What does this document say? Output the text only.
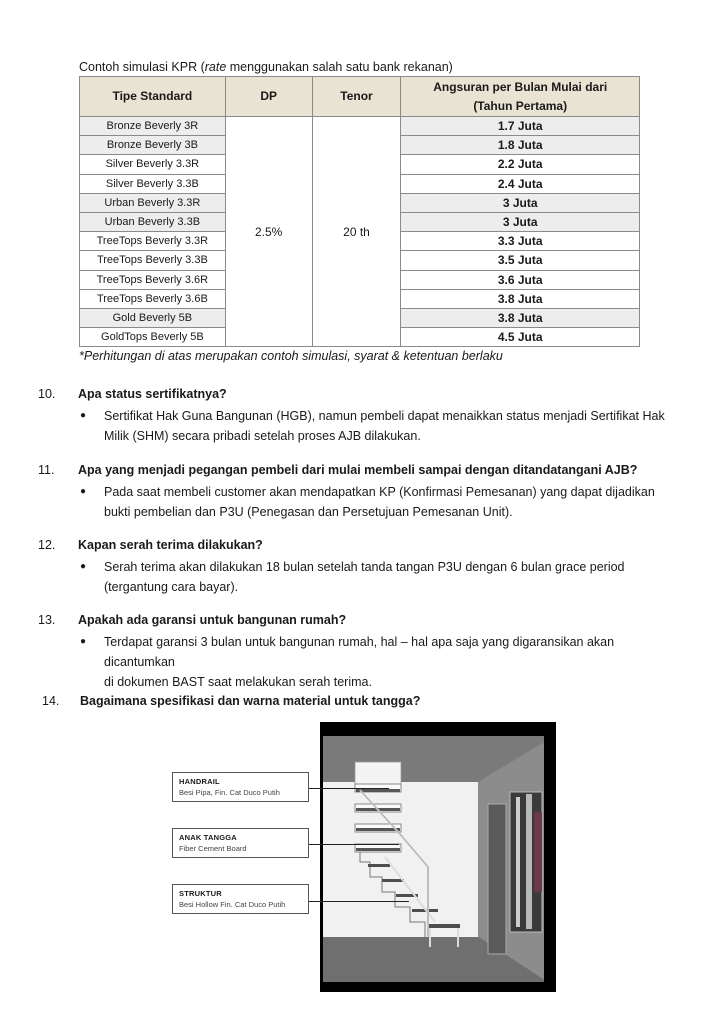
Contoh simulasi KPR (rate menggunakan salah satu bank rekanan)
Tipe Standard	DP	Tenor	Angsuran per Bulan Mulai dari
(Tahun Pertama)

Bronze Beverly 3R	2.5%	20 th	1.7 Juta
Bronze Beverly 3B			1.8 Juta
Silver Beverly 3.3R			2.2 Juta
Silver Beverly 3.3B			2.4 Juta
Urban Beverly 3.3R			3 Juta
Urban Beverly 3.3B			3 Juta
TreeTops Beverly 3.3R			3.3 Juta
TreeTops Beverly 3.3B			3.5 Juta
TreeTops Beverly 3.6R			3.6 Juta
TreeTops Beverly 3.6B			3.8 Juta
Gold Beverly 5B			3.8 Juta
GoldTops Beverly 5B			4.5 Juta
*Perhitungan di atas merupakan contoh simulasi, syarat & ketentuan berlaku
10. Apa status sertifikatnya?
● Sertifikat Hak Guna Bangunan (HGB), namun pembeli dapat menaikkan status menjadi Sertifikat Hak
Milik (SHM) secara pribadi setelah proses AJB dilakukan.
11. Apa yang menjadi pegangan pembeli dari mulai membeli sampai dengan ditandatangani AJB?
● Pada saat membeli customer akan mendapatkan KP (Konfirmasi Pemesanan) yang dapat dijadikan
bukti pembelian dan P3U (Penegasan dan Persetujuan Pemesanan Unit).
12. Kapan serah terima dilakukan?
● Serah terima akan dilakukan 18 bulan setelah tanda tangan P3U dengan 6 bulan grace period
(tergantung cara bayar).
13. Apakah ada garansi untuk bangunan rumah?
● Terdapat garansi 3 bulan untuk bangunan rumah, hal – hal apa saja yang digaransikan akan dicantumkan
di dokumen BAST saat melakukan serah terima.
14. Bagaimana spesifikasi dan warna material untuk tangga?
HANDRAIL
Besi Pipa, Fin. Cat Duco Putih
ANAK TANGGA
Fiber Cement Board
STRUKTUR
Besi Hollow Fin. Cat Duco Putih
